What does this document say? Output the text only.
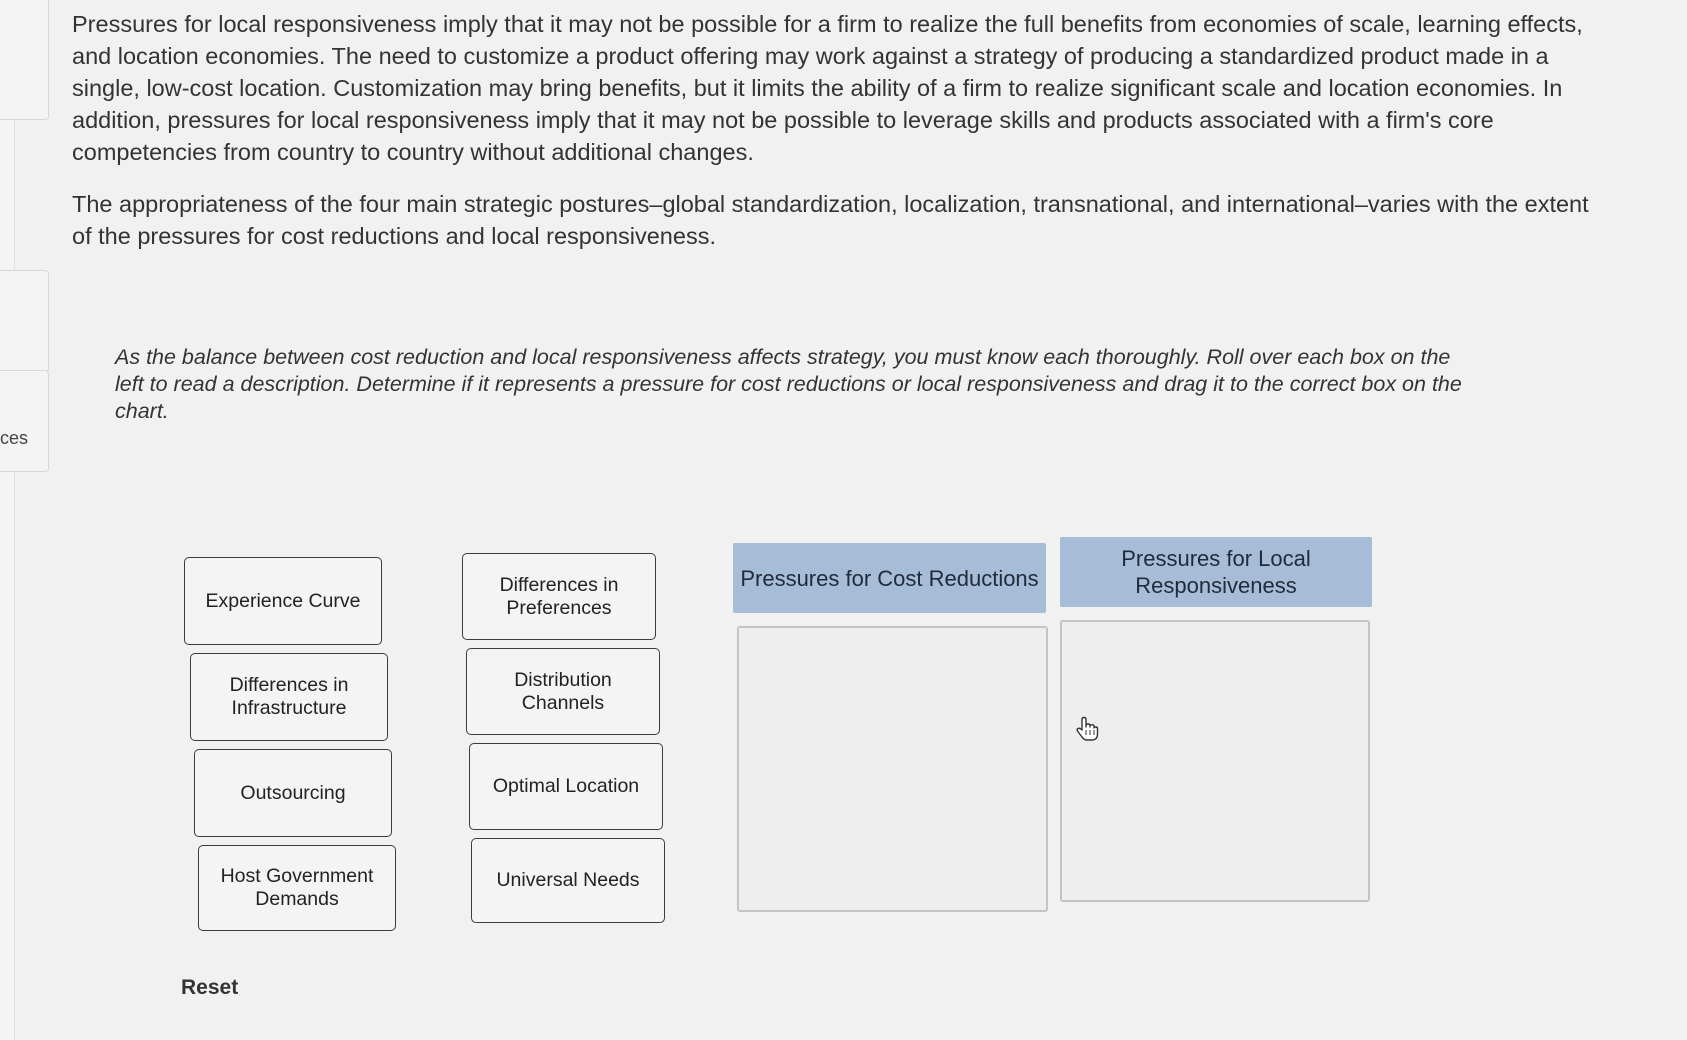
ces

Pressures for local responsiveness imply that it may not be possible for a firm to realize the full benefits from economies of scale, learning effects, and location economies. The need to customize a product offering may work against a strategy of producing a standardized product made in a single, low-cost location. Customization may bring benefits, but it limits the ability of a firm to realize significant scale and location economies. In addition, pressures for local responsiveness imply that it may not be possible to leverage skills and products associated with a firm's core competencies from country to country without additional changes.

The appropriateness of the four main strategic postures–global standardization, localization, transnational, and international–varies with the extent of the pressures for cost reductions and local responsiveness.

As the balance between cost reduction and local responsiveness affects strategy, you must know each thoroughly. Roll over each box on the left to read a description. Determine if it represents a pressure for cost reductions or local responsiveness and drag it to the correct box on the chart.

Experience Curve
Differences in Preferences
Differences in Infrastructure
Distribution Channels
Outsourcing	Optimal Location
Host Government Demands
Universal Needs
Pressures for Cost Reductions
Pressures for Local Responsiveness
Reset
